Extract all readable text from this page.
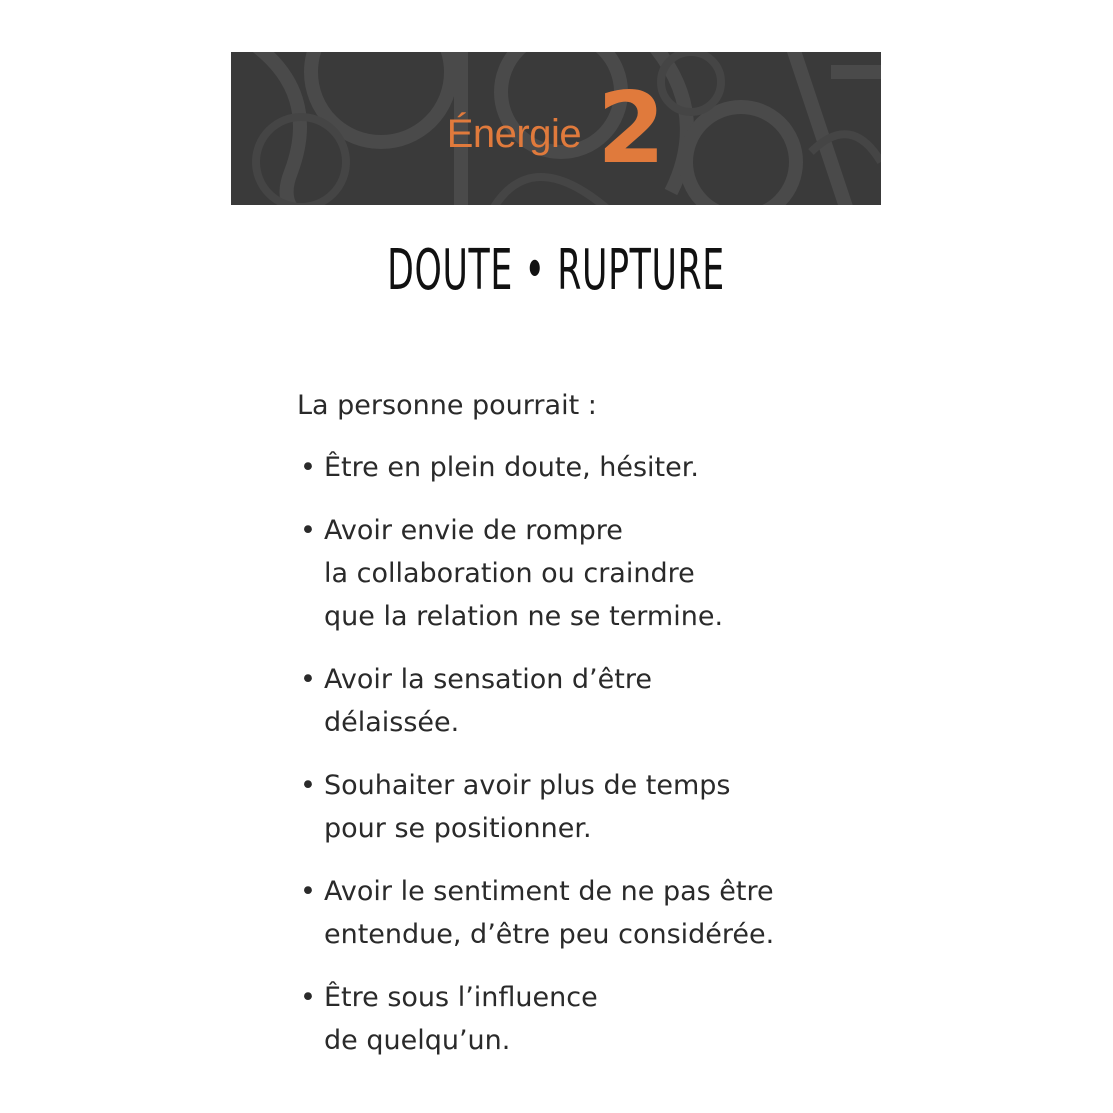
Énergie 2
DOUTE • RUPTURE

La personne pourrait :

• Être en plein doute, hésiter.
• Avoir envie de rompre
la collaboration ou craindre
que la relation ne se termine.
• Avoir la sensation d’être
délaissée.
• Souhaiter avoir plus de temps
pour se positionner.
• Avoir le sentiment de ne pas être
entendue, d’être peu considérée.
• Être sous l’influence
de quelqu’un.
